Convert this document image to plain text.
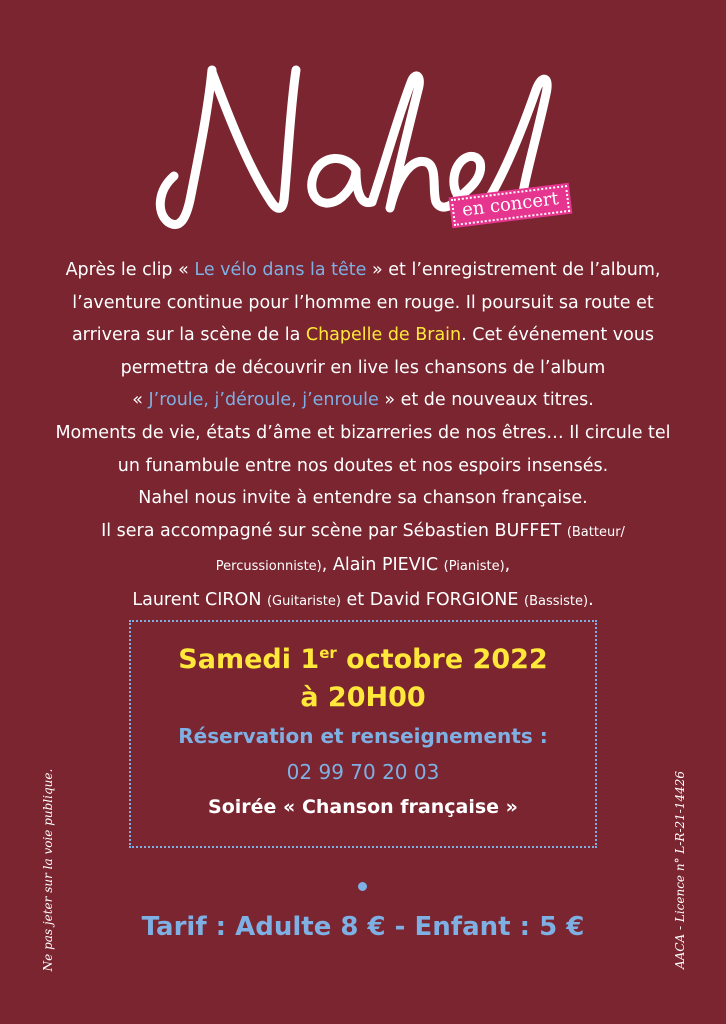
en concert
Après le clip « Le vélo dans la tête » et l’enregistrement de l’album,
l’aventure continue pour l’homme en rouge. Il poursuit sa route et
arrivera sur la scène de la Chapelle de Brain. Cet événement vous
permettra de découvrir en live les chansons de l’album
« J’roule, j’déroule, j’enroule » et de nouveaux titres.
Moments de vie, états d’âme et bizarreries de nos êtres… Il circule tel
un funambule entre nos doutes et nos espoirs insensés.
Nahel nous invite à entendre sa chanson française.
Il sera accompagné sur scène par Sébastien BUFFET (Batteur/
Percussionniste), Alain PIEVIC (Pianiste),
Laurent CIRON (Guitariste) et David FORGIONE (Bassiste).
Samedi 1er octobre 2022
à 20H00
Réservation et renseignements :
02 99 70 20 03
Soirée « Chanson française »
Tarif : Adulte 8 € - Enfant : 5 €
Ne pas jeter sur la voie publique.	AACA - Licence n° L-R-21-14426
